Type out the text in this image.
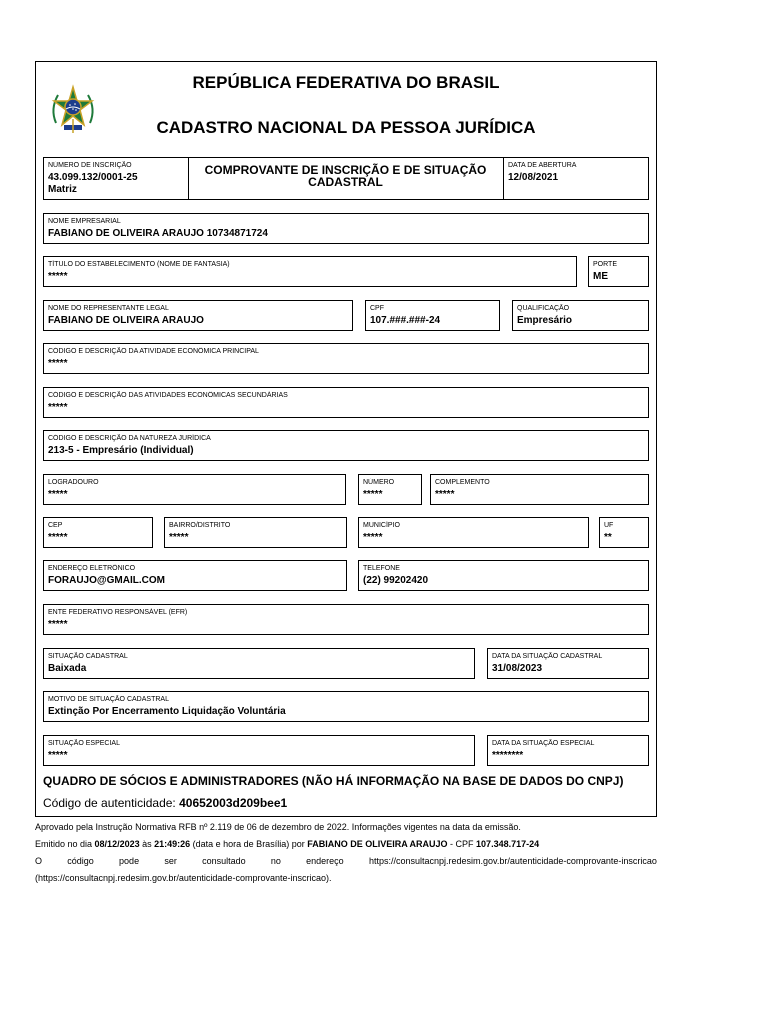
REPÚBLICA FEDERATIVA DO BRASIL
CADASTRO NACIONAL DA PESSOA JURÍDICA
NÚMERO DE INSCRIÇÃO
43.099.132/0001-25
Matriz
COMPROVANTE DE INSCRIÇÃO E DE SITUAÇÃO CADASTRAL
DATA DE ABERTURA
12/08/2021
NOME EMPRESARIAL
FABIANO DE OLIVEIRA ARAUJO 10734871724
TÍTULO DO ESTABELECIMENTO (NOME DE FANTASIA)
*****
PORTE
ME
NOME DO REPRESENTANTE LEGAL
FABIANO DE OLIVEIRA ARAUJO
CPF
107.###.###-24
QUALIFICAÇÃO
Empresário
CÓDIGO E DESCRIÇÃO DA ATIVIDADE ECONÔMICA PRINCIPAL
*****
CÓDIGO E DESCRIÇÃO DAS ATIVIDADES ECONÔMICAS SECUNDÁRIAS
*****
CÓDIGO E DESCRIÇÃO DA NATUREZA JURÍDICA
213-5 - Empresário (Individual)
LOGRADOURO
*****
NÚMERO
*****
COMPLEMENTO
*****
CEP
*****
BAIRRO/DISTRITO
*****
MUNICÍPIO
*****
UF
**
ENDEREÇO ELETRÔNICO
FORAUJO@GMAIL.COM
TELEFONE
(22) 99202420
ENTE FEDERATIVO RESPONSÁVEL (EFR)
*****
SITUAÇÃO CADASTRAL
Baixada
DATA DA SITUAÇÃO CADASTRAL
31/08/2023
MOTIVO DE SITUAÇÃO CADASTRAL
Extinção Por Encerramento Liquidação Voluntária
SITUAÇÃO ESPECIAL
*****
DATA DA SITUAÇÃO ESPECIAL
********
QUADRO DE SÓCIOS E ADMINISTRADORES (NÃO HÁ INFORMAÇÃO NA BASE DE DADOS DO CNPJ)
Código de autenticidade: 40652003d209bee1
Aprovado pela Instrução Normativa RFB nº 2.119 de 06 de dezembro de 2022. Informações vigentes na data da emissão.
Emitido no dia 08/12/2023 às 21:49:26 (data e hora de Brasília) por FABIANO DE OLIVEIRA ARAUJO - CPF 107.348.717-24
O	código	pode	ser	consultado	no	endereço	https://consultacnpj.redesim.gov.br/autenticidade-comprovante-inscricao
(https://consultacnpj.redesim.gov.br/autenticidade-comprovante-inscricao).
